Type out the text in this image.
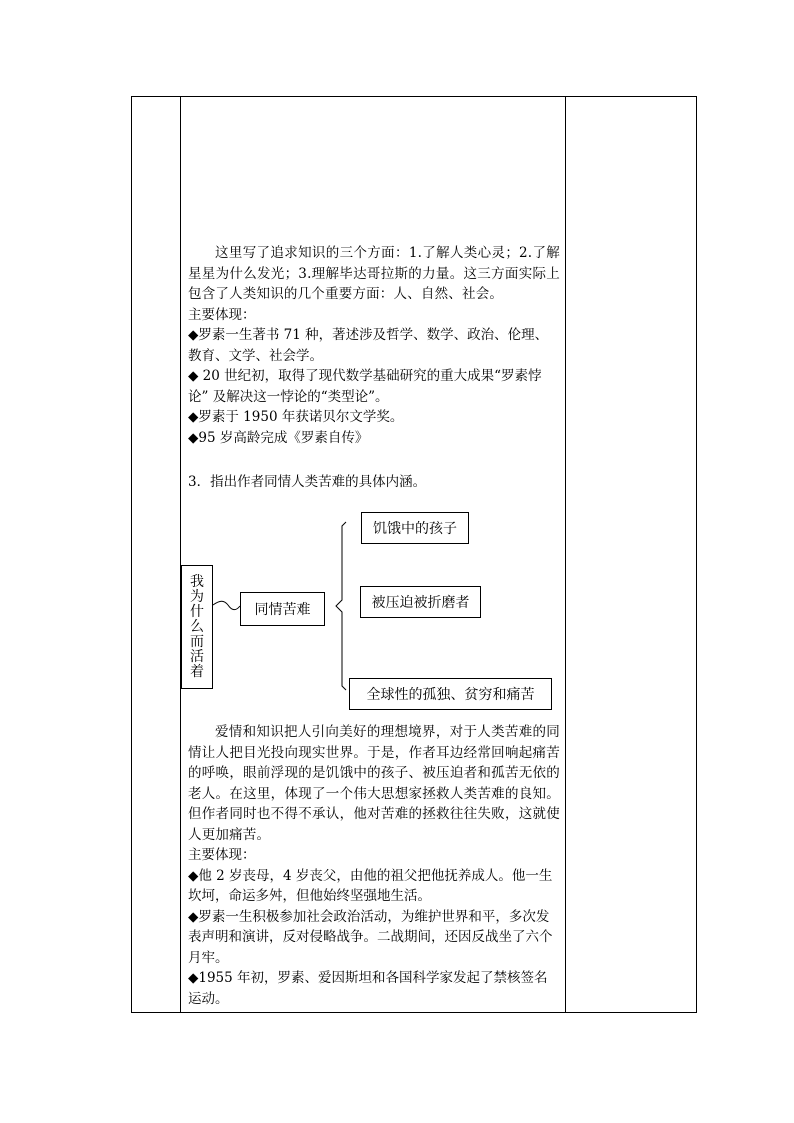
这里写了追求知识的三个方面：1.了解人类心灵；2.了解星星为什么发光；3.理解毕达哥拉斯的力量。这三方面实际上包含了人类知识的几个重要方面：人、自然、社会。

主要体现：

◆罗素一生著书 71 种，著述涉及哲学、数学、政治、伦理、教育、文学、社会学。

◆ 20 世纪初，取得了现代数学基础研究的重大成果“罗素悖论” 及解决这一悖论的“类型论”。

◆罗素于 1950 年获诺贝尔文学奖。

◆95 岁高龄完成《罗素自传》

3．指出作者同情人类苦难的具体内涵。

我
为
什
么
而
活
着
同情苦难
饥饿中的孩子
被压迫被折磨者
全球性的孤独、贫穷和痛苦

爱情和知识把人引向美好的理想境界，对于人类苦难的同情让人把目光投向现实世界。于是，作者耳边经常回响起痛苦的呼唤，眼前浮现的是饥饿中的孩子、被压迫者和孤苦无依的老人。在这里，体现了一个伟大思想家拯救人类苦难的良知。但作者同时也不得不承认，他对苦难的拯救往往失败，这就使人更加痛苦。

主要体现：

◆他 2 岁丧母，4 岁丧父，由他的祖父把他抚养成人。他一生坎坷，命运多舛，但他始终坚强地生活。

◆罗素一生积极参加社会政治活动，为维护世界和平，多次发表声明和演讲，反对侵略战争。二战期间，还因反战坐了六个月牢。

◆1955 年初，罗素、爱因斯坦和各国科学家发起了禁核签名运动。
